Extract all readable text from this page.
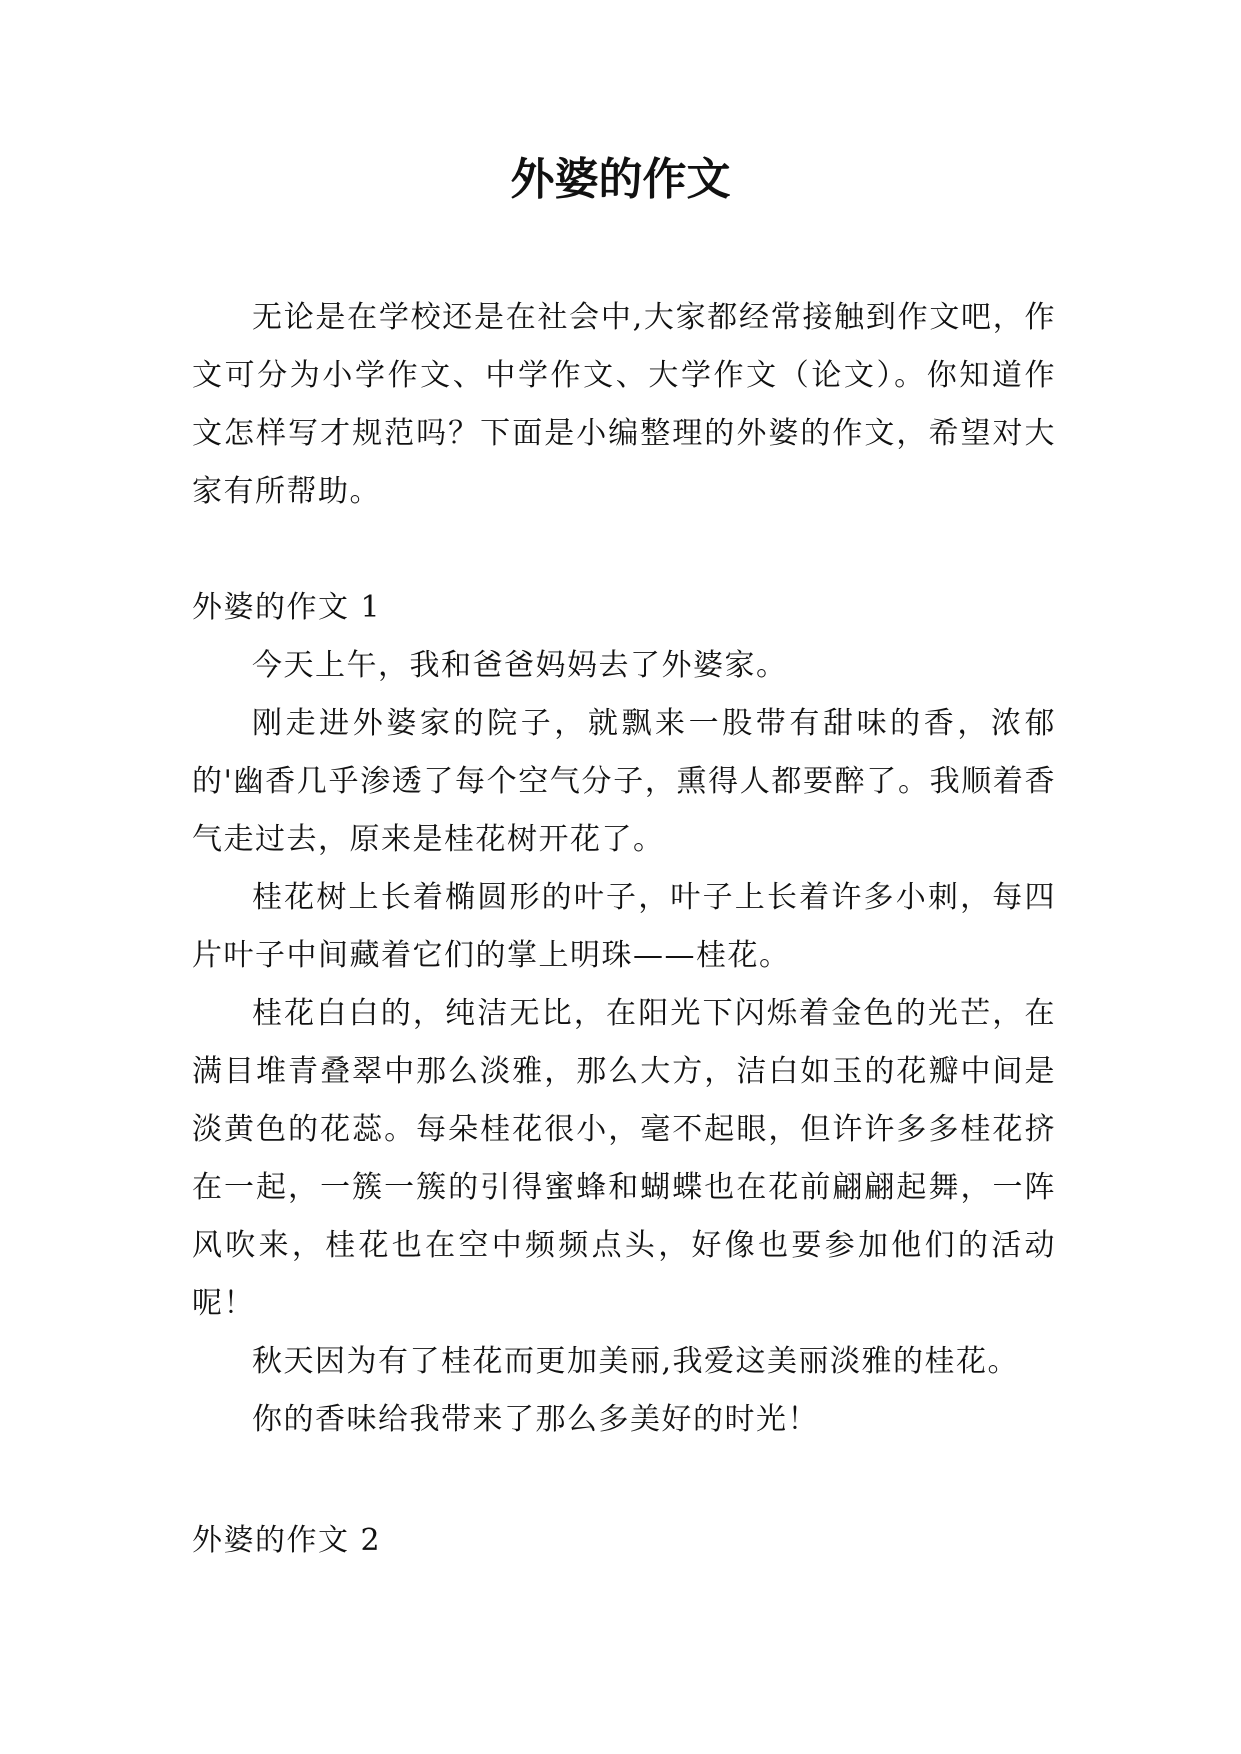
外婆的作文

无论是在学校还是在社会中,大家都经常接触到作文吧，作文可分为小学作文、中学作文、大学作文（论文）。你知道作文怎样写才规范吗？下面是小编整理的外婆的作文，希望对大家有所帮助。

外婆的作文 1

今天上午，我和爸爸妈妈去了外婆家。

刚走进外婆家的院子，就飘来一股带有甜味的香，浓郁的'幽香几乎渗透了每个空气分子，熏得人都要醉了。我顺着香气走过去，原来是桂花树开花了。

桂花树上长着椭圆形的叶子，叶子上长着许多小刺，每四片叶子中间藏着它们的掌上明珠——桂花。

桂花白白的，纯洁无比，在阳光下闪烁着金色的光芒，在满目堆青叠翠中那么淡雅，那么大方，洁白如玉的花瓣中间是淡黄色的花蕊。每朵桂花很小，毫不起眼，但许许多多桂花挤在一起，一簇一簇的引得蜜蜂和蝴蝶也在花前翩翩起舞，一阵风吹来，桂花也在空中频频点头，好像也要参加他们的活动呢！

秋天因为有了桂花而更加美丽,我爱这美丽淡雅的桂花。

你的香味给我带来了那么多美好的时光！

外婆的作文 2
